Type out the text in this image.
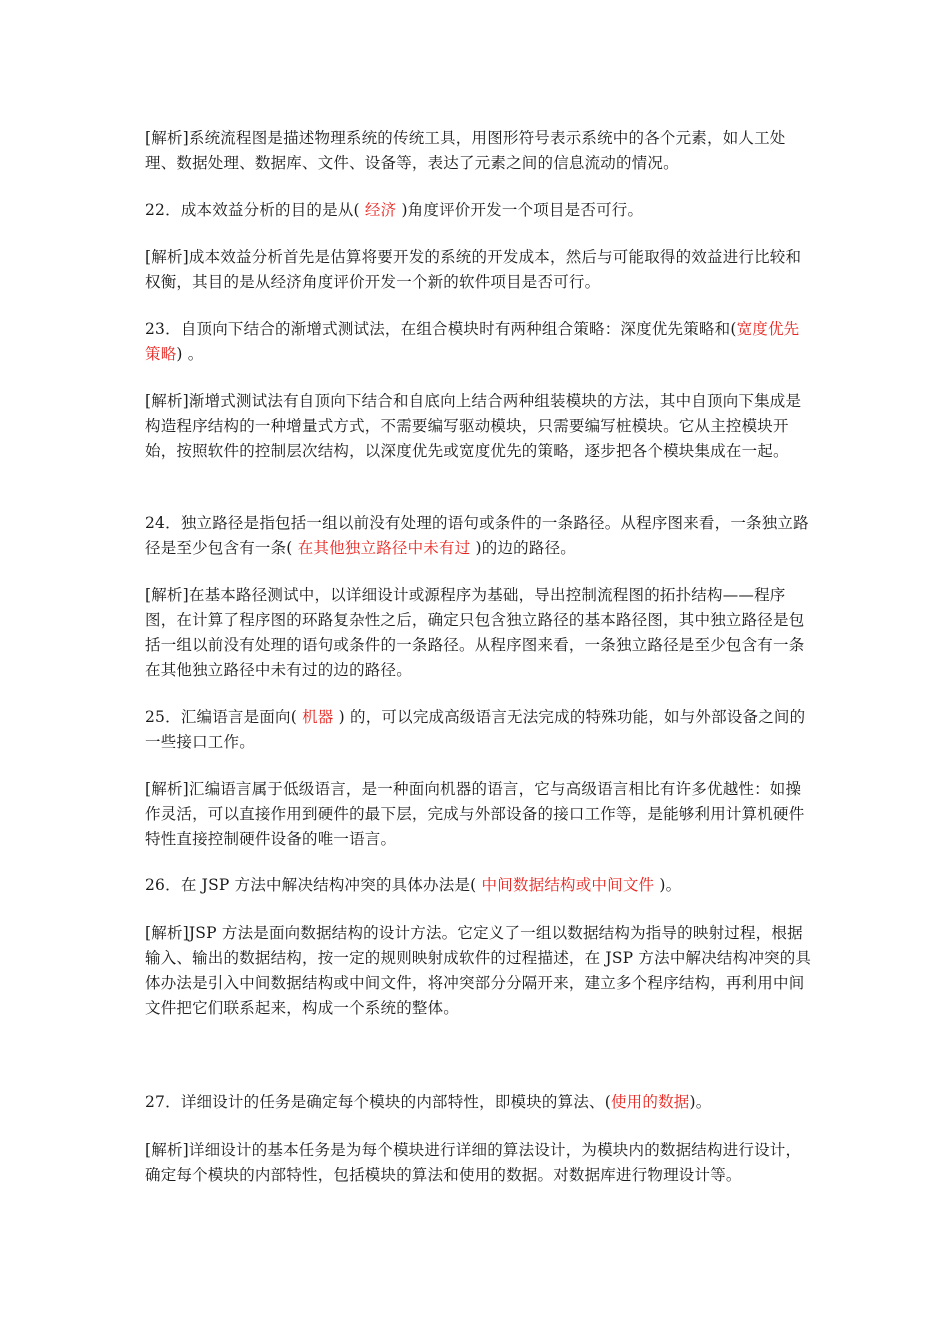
[解析]系统流程图是描述物理系统的传统工具，用图形符号表示系统中的各个元素，如人工处理、数据处理、数据库、文件、设备等，表达了元素之间的信息流动的情况。

22．成本效益分析的目的是从( 经济 )角度评价开发一个项目是否可行。

[解析]成本效益分析首先是估算将要开发的系统的开发成本，然后与可能取得的效益进行比较和权衡，其目的是从经济角度评价开发一个新的软件项目是否可行。

23．自顶向下结合的渐增式测试法，在组合模块时有两种组合策略：深度优先策略和(宽度优先策略) 。

[解析]渐增式测试法有自顶向下结合和自底向上结合两种组装模块的方法，其中自顶向下集成是构造程序结构的一种增量式方式，不需要编写驱动模块，只需要编写桩模块。它从主控模块开始，按照软件的控制层次结构，以深度优先或宽度优先的策略，逐步把各个模块集成在一起。

24．独立路径是指包括一组以前没有处理的语句或条件的一条路径。从程序图来看，一条独立路径是至少包含有一条( 在其他独立路径中未有过 )的边的路径。

[解析]在基本路径测试中，以详细设计或源程序为基础，导出控制流程图的拓扑结构——程序图，在计算了程序图的环路复杂性之后，确定只包含独立路径的基本路径图，其中独立路径是包括一组以前没有处理的语句或条件的一条路径。从程序图来看，一条独立路径是至少包含有一条在其他独立路径中未有过的边的路径。

25．汇编语言是面向( 机器 ) 的，可以完成高级语言无法完成的特殊功能，如与外部设备之间的一些接口工作。

[解析]汇编语言属于低级语言，是一种面向机器的语言，它与高级语言相比有许多优越性：如操作灵活，可以直接作用到硬件的最下层，完成与外部设备的接口工作等，是能够利用计算机硬件特性直接控制硬件设备的唯一语言。

26．在 JSP 方法中解决结构冲突的具体办法是( 中间数据结构或中间文件 )。

[解析]JSP 方法是面向数据结构的设计方法。它定义了一组以数据结构为指导的映射过程，根据输入、输出的数据结构，按一定的规则映射成软件的过程描述，在 JSP 方法中解决结构冲突的具体办法是引入中间数据结构或中间文件，将冲突部分分隔开来，建立多个程序结构，再利用中间文件把它们联系起来，构成一个系统的整体。

27．详细设计的任务是确定每个模块的内部特性，即模块的算法、(使用的数据)。

[解析]详细设计的基本任务是为每个模块进行详细的算法设计，为模块内的数据结构进行设计，确定每个模块的内部特性，包括模块的算法和使用的数据。对数据库进行物理设计等。
